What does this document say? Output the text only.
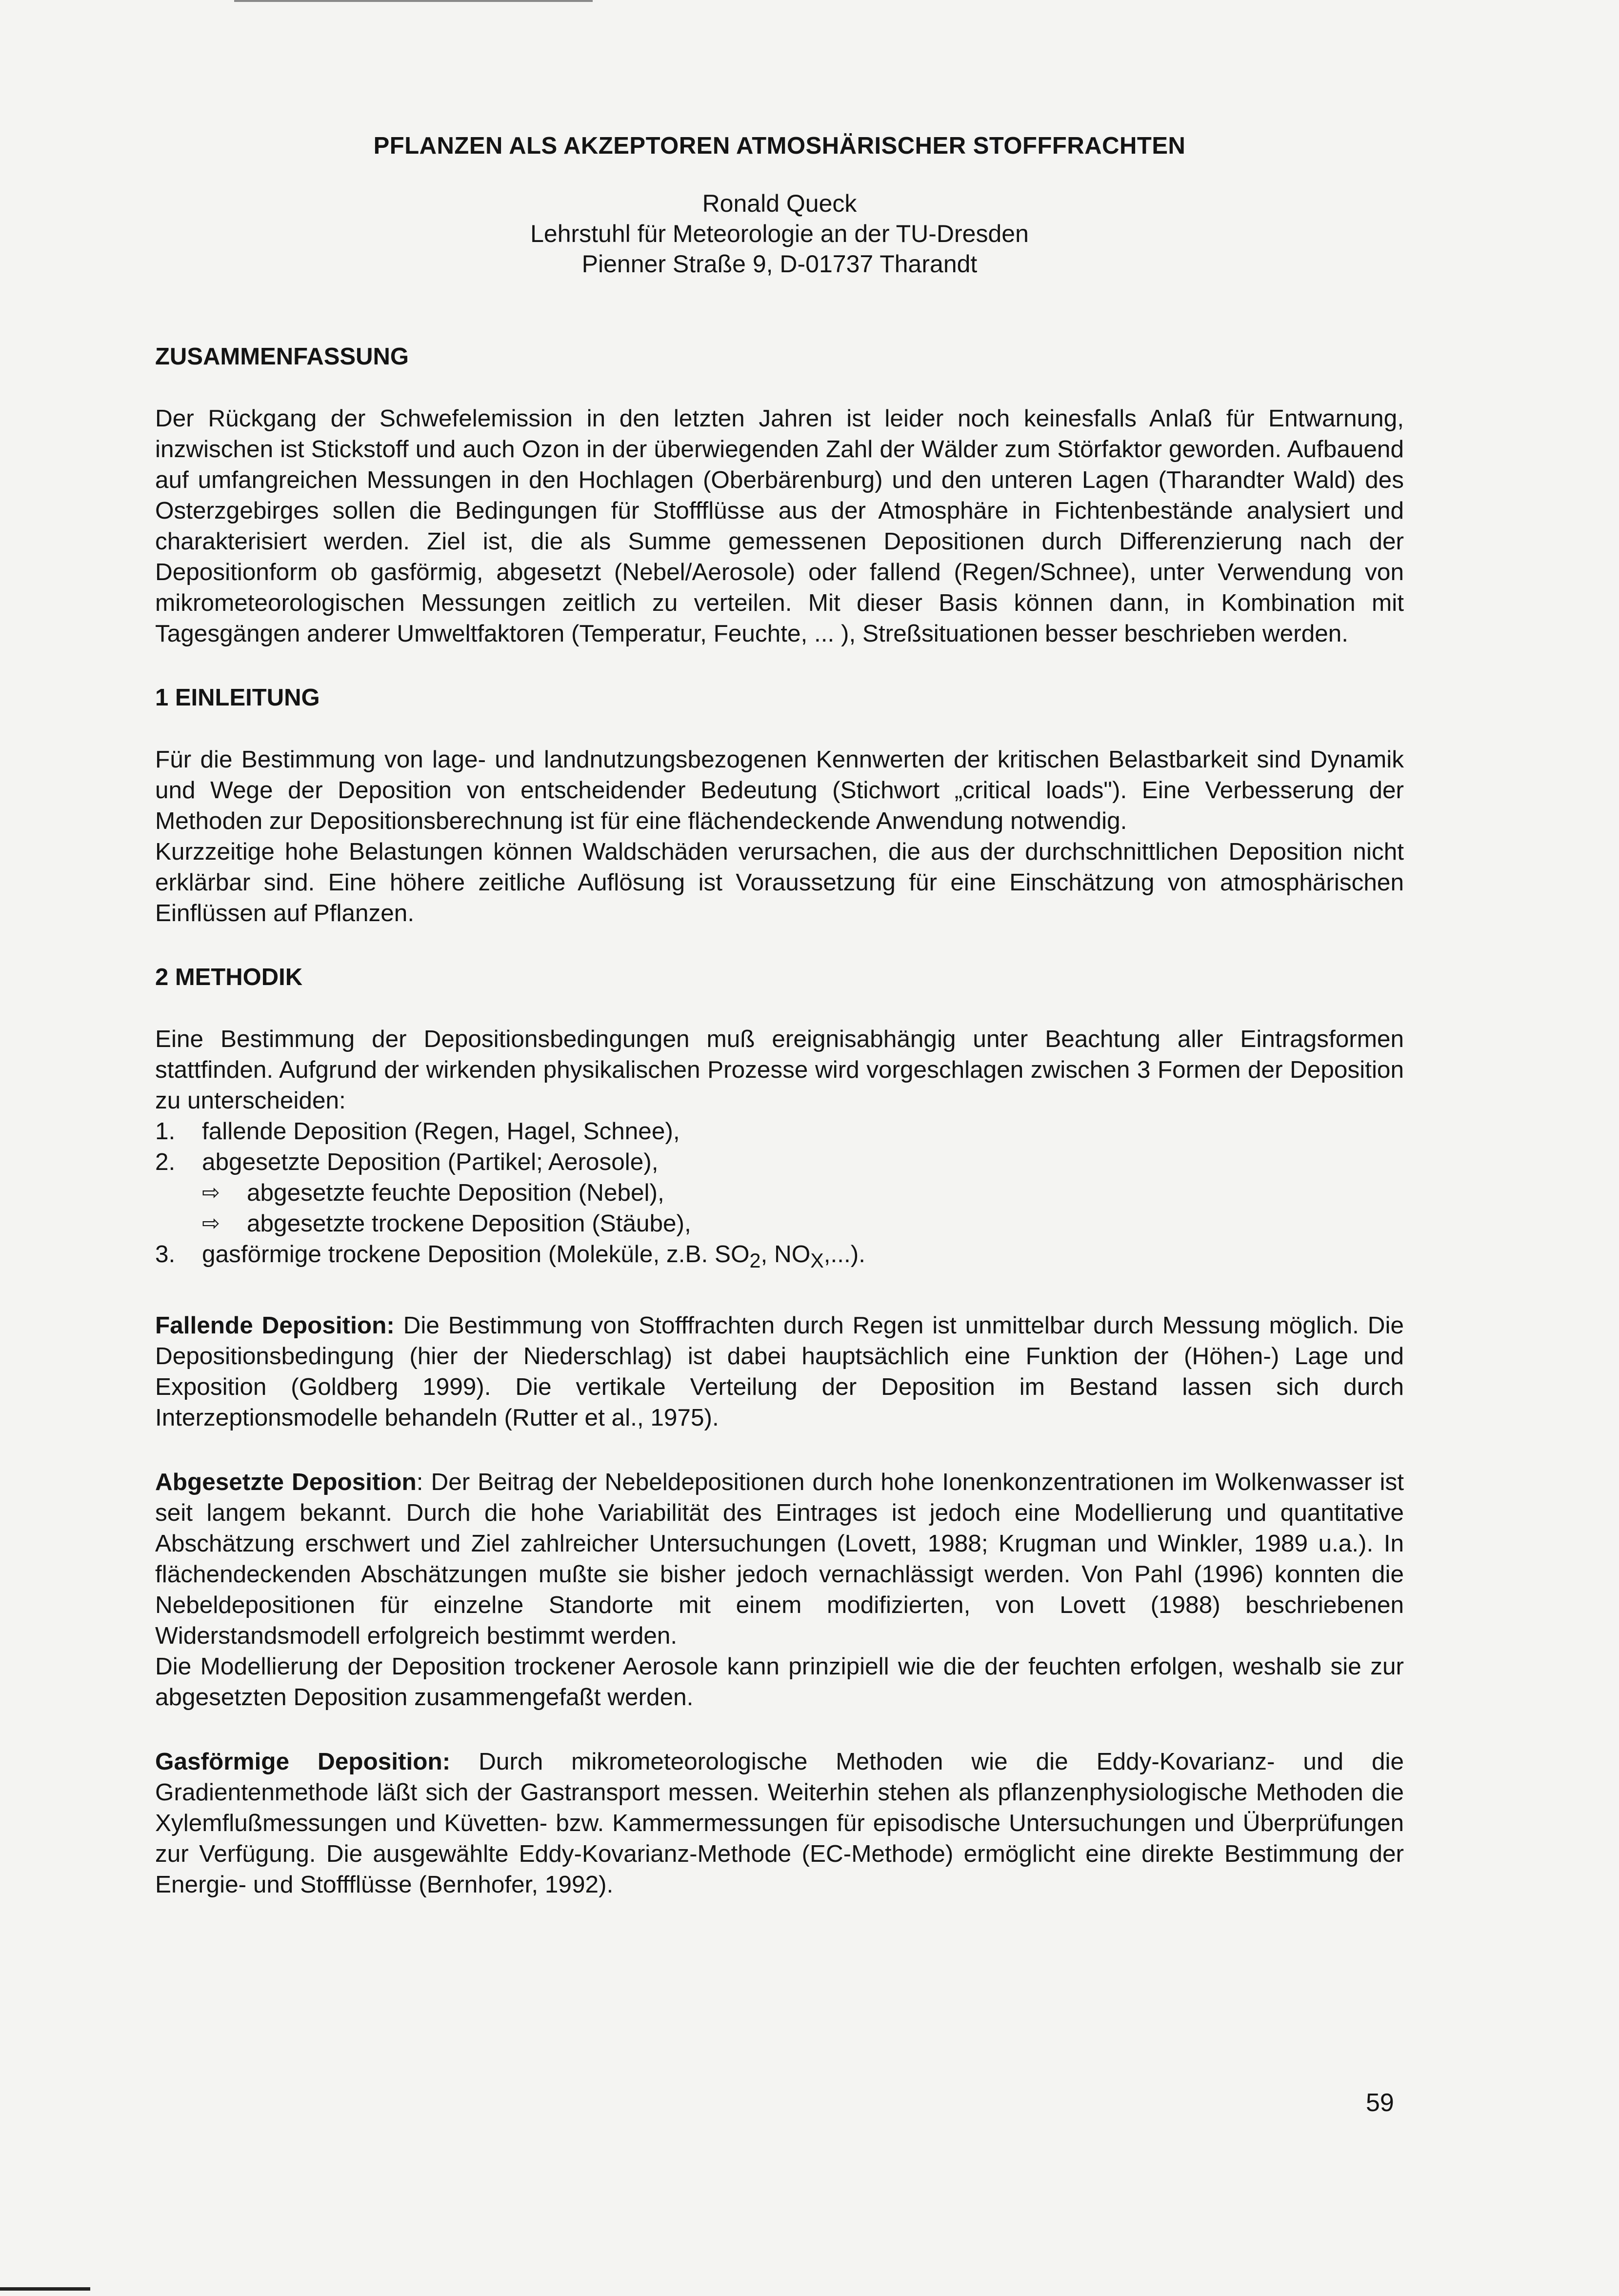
PFLANZEN ALS AKZEPTOREN ATMOSHÄRISCHER STOFFFRACHTEN
Ronald Queck
Lehrstuhl für Meteorologie an der TU-Dresden
Pienner Straße 9, D-01737 Tharandt
ZUSAMMENFASSUNG

Der Rückgang der Schwefelemission in den letzten Jahren ist leider noch keinesfalls Anlaß für Entwarnung, inzwischen ist Stickstoff und auch Ozon in der überwiegenden Zahl der Wälder zum Störfaktor geworden. Aufbauend auf umfangreichen Messungen in den Hochlagen (Oberbärenburg) und den unteren Lagen (Tharandter Wald) des Osterzgebirges sollen die Bedingungen für Stoffflüsse aus der Atmosphäre in Fichtenbestände analysiert und charakterisiert werden. Ziel ist, die als Summe gemessenen Depositionen durch Differenzierung nach der Depositionform ob gasförmig, abgesetzt (Nebel/Aerosole) oder fallend (Regen/Schnee), unter Verwendung von mikrometeorologischen Messungen zeitlich zu verteilen. Mit dieser Basis können dann, in Kombination mit Tagesgängen anderer Umweltfaktoren (Temperatur, Feuchte, ... ), Streßsituationen besser beschrieben werden.

1 EINLEITUNG

Für die Bestimmung von lage- und landnutzungsbezogenen Kennwerten der kritischen Belastbarkeit sind Dynamik und Wege der Deposition von entscheidender Bedeutung (Stichwort „critical loads"). Eine Verbesserung der Methoden zur Depositionsberechnung ist für eine flächendeckende Anwendung notwendig.

Kurzzeitige hohe Belastungen können Waldschäden verursachen, die aus der durchschnittlichen Deposition nicht erklärbar sind. Eine höhere zeitliche Auflösung ist Voraussetzung für eine Einschätzung von atmosphärischen Einflüssen auf Pflanzen.

2 METHODIK

Eine Bestimmung der Depositionsbedingungen muß ereignisabhängig unter Beachtung aller Eintragsformen stattfinden. Aufgrund der wirkenden physikalischen Prozesse wird vorgeschlagen zwischen 3 Formen der Deposition zu unterscheiden:

1. fallende Deposition (Regen, Hagel, Schnee),
2. abgesetzte Deposition (Partikel; Aerosole),
⇨ abgesetzte feuchte Deposition (Nebel),
⇨ abgesetzte trockene Deposition (Stäube),
3. gasförmige trockene Deposition (Moleküle, z.B. $SO_2$, $NO_X$,...).

Fallende Deposition: Die Bestimmung von Stofffrachten durch Regen ist unmittelbar durch Messung möglich. Die Depositionsbedingung (hier der Niederschlag) ist dabei hauptsächlich eine Funktion der (Höhen-) Lage und Exposition (Goldberg 1999). Die vertikale Verteilung der Deposition im Bestand lassen sich durch Interzeptionsmodelle behandeln (Rutter et al., 1975).

Abgesetzte Deposition: Der Beitrag der Nebeldepositionen durch hohe Ionenkonzentrationen im Wolkenwasser ist seit langem bekannt. Durch die hohe Variabilität des Eintrages ist jedoch eine Modellierung und quantitative Abschätzung erschwert und Ziel zahlreicher Untersuchungen (Lovett, 1988; Krugman und Winkler, 1989 u.a.). In flächendeckenden Abschätzungen mußte sie bisher jedoch vernachlässigt werden. Von Pahl (1996) konnten die Nebeldepositionen für einzelne Standorte mit einem modifizierten, von Lovett (1988) beschriebenen Widerstandsmodell erfolgreich bestimmt werden.

Die Modellierung der Deposition trockener Aerosole kann prinzipiell wie die der feuchten erfolgen, weshalb sie zur abgesetzten Deposition zusammengefaßt werden.

Gasförmige Deposition: Durch mikrometeorologische Methoden wie die Eddy-Kovarianz- und die Gradientenmethode läßt sich der Gastransport messen. Weiterhin stehen als pflanzenphysiologische Methoden die Xylemflußmessungen und Küvetten- bzw. Kammermessungen für episodische Untersuchungen und Überprüfungen zur Verfügung. Die ausgewählte Eddy-Kovarianz-Methode (EC-Methode) ermöglicht eine direkte Bestimmung der Energie- und Stoffflüsse (Bernhofer, 1992).

59
